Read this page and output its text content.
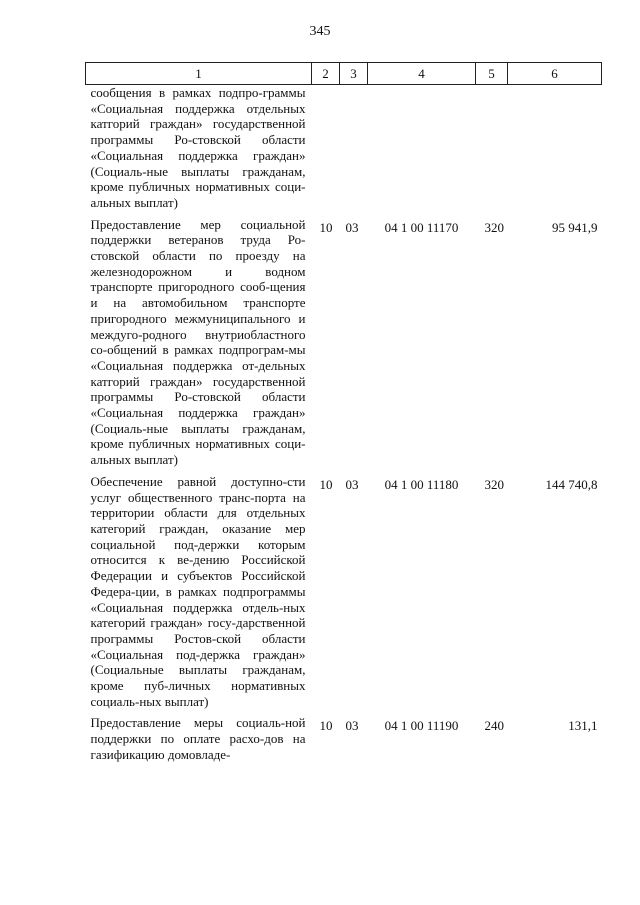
345
1	2	3	4	5	6
сообщения в рамках подпро-граммы «Социальная поддержка отдельных катгорий граждан» государственной программы Ро-стовской области «Социальная поддержка граждан» (Социаль-ные выплаты гражданам, кроме публичных нормативных соци-альных выплат)					
Предоставление мер социальной поддержки ветеранов труда Ро-стовской области по проезду на железнодорожном и водном транспорте пригородного сооб-щения и на автомобильном транспорте пригородного межмуниципального и междуго-родного внутриобластного со-общений в рамках подпрограм-мы «Социальная поддержка от-дельных катгорий граждан» государственной программы Ро-стовской области «Социальная поддержка граждан» (Социаль-ные выплаты гражданам, кроме публичных нормативных соци-альных выплат)	10	03	04 1 00 11170	320	95 941,9
Обеспечение равной доступно-сти услуг общественного транс-порта на территории области для отдельных категорий граждан, оказание мер социальной под-держки которым относится к ве-дению Российской Федерации и субъектов Российской Федера-ции, в рамках подпрограммы «Социальная поддержка отдель-ных категорий граждан» госу-дарственной программы Ростов-ской области «Социальная под-держка граждан» (Социальные выплаты гражданам, кроме пуб-личных нормативных социаль-ных выплат)	10	03	04 1 00 11180	320	144 740,8
Предоставление меры социаль-ной поддержки по оплате расхо-дов на газификацию домовладе-	10	03	04 1 00 11190	240	131,1
